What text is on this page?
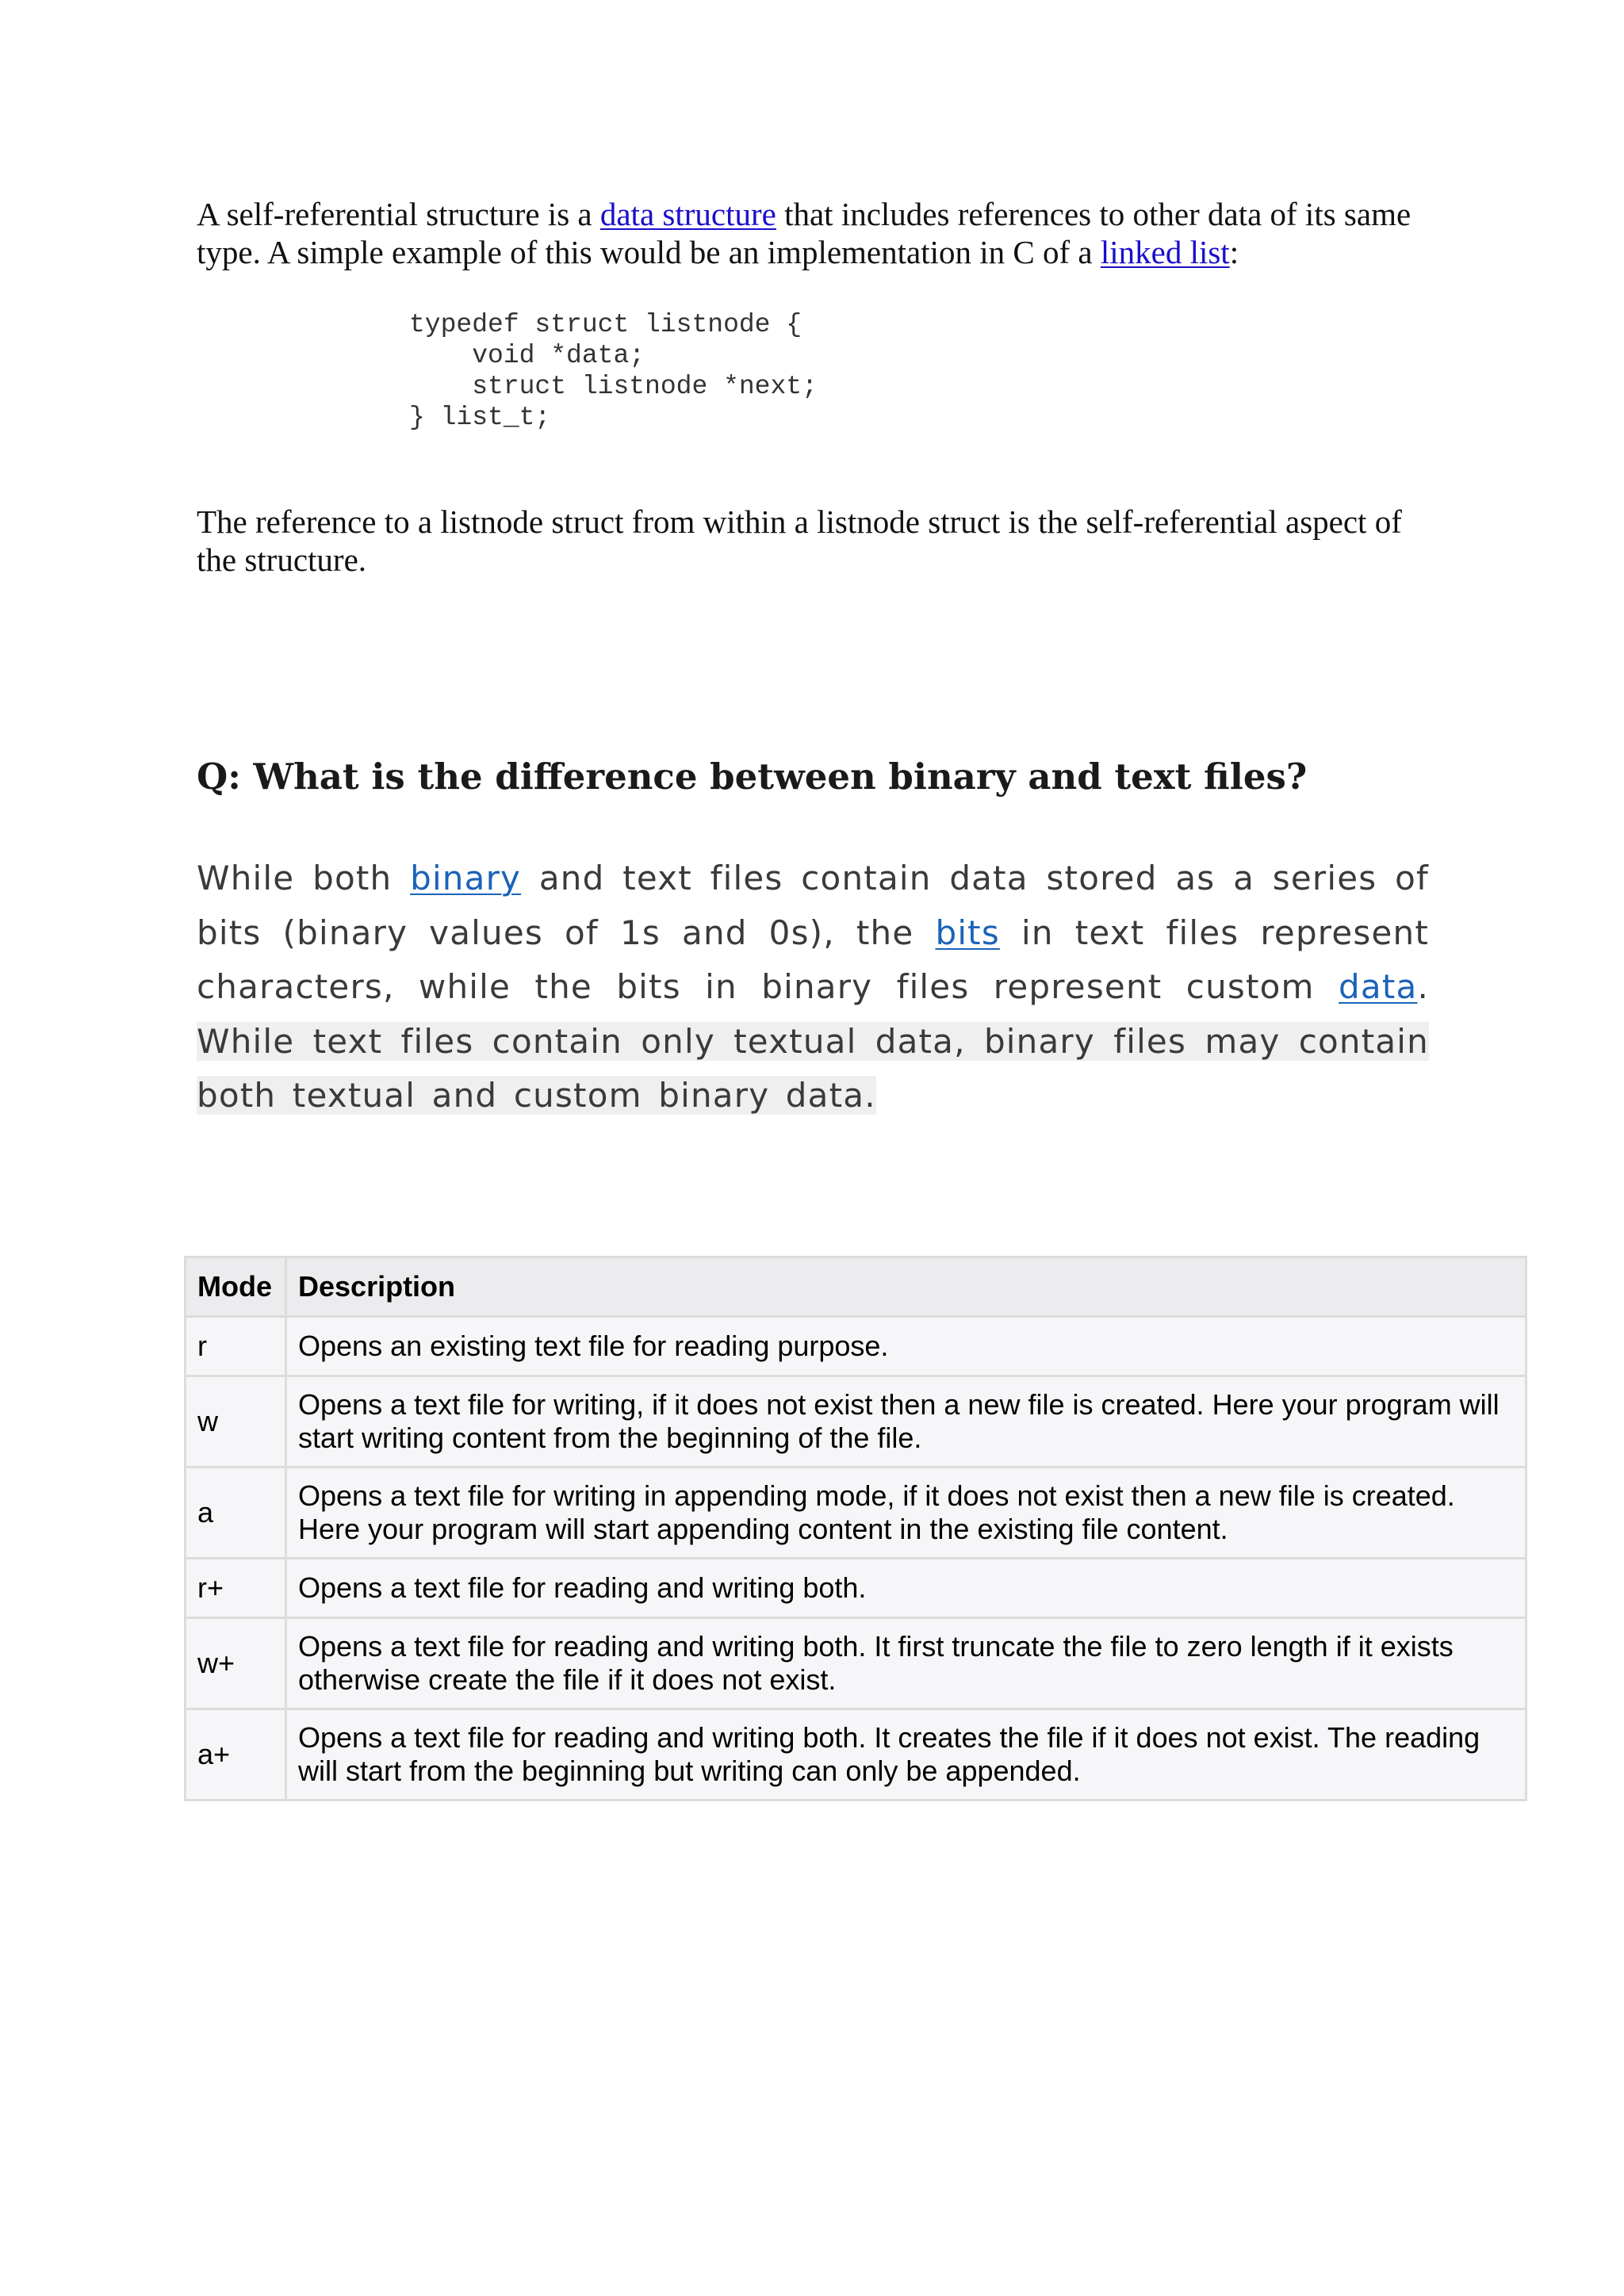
A self-referential structure is a data structure that includes references to other data of its same type. A simple example of this would be an implementation in C of a linked list:

typedef struct listnode {
void *data;
struct listnode *next;
} list_t;

The reference to a listnode struct from within a listnode struct is the self-referential aspect of the structure.

Q: What is the difference between binary and text files?

While both binary and text files contain data stored as a series of bits (binary values of 1s and 0s), the bits in text files represent characters, while the bits in binary files represent custom data. While text files contain only textual data, binary files may contain both textual and custom binary data.

Mode	Description
r	Opens an existing text file for reading purpose.
w	Opens a text file for writing, if it does not exist then a new file is created. Here your program will start writing content from the beginning of the file.
a	Opens a text file for writing in appending mode, if it does not exist then a new file is created. Here your program will start appending content in the existing file content.
r+	Opens a text file for reading and writing both.
w+	Opens a text file for reading and writing both. It first truncate the file to zero length if it exists otherwise create the file if it does not exist.
a+	Opens a text file for reading and writing both. It creates the file if it does not exist. The reading will start from the beginning but writing can only be appended.
